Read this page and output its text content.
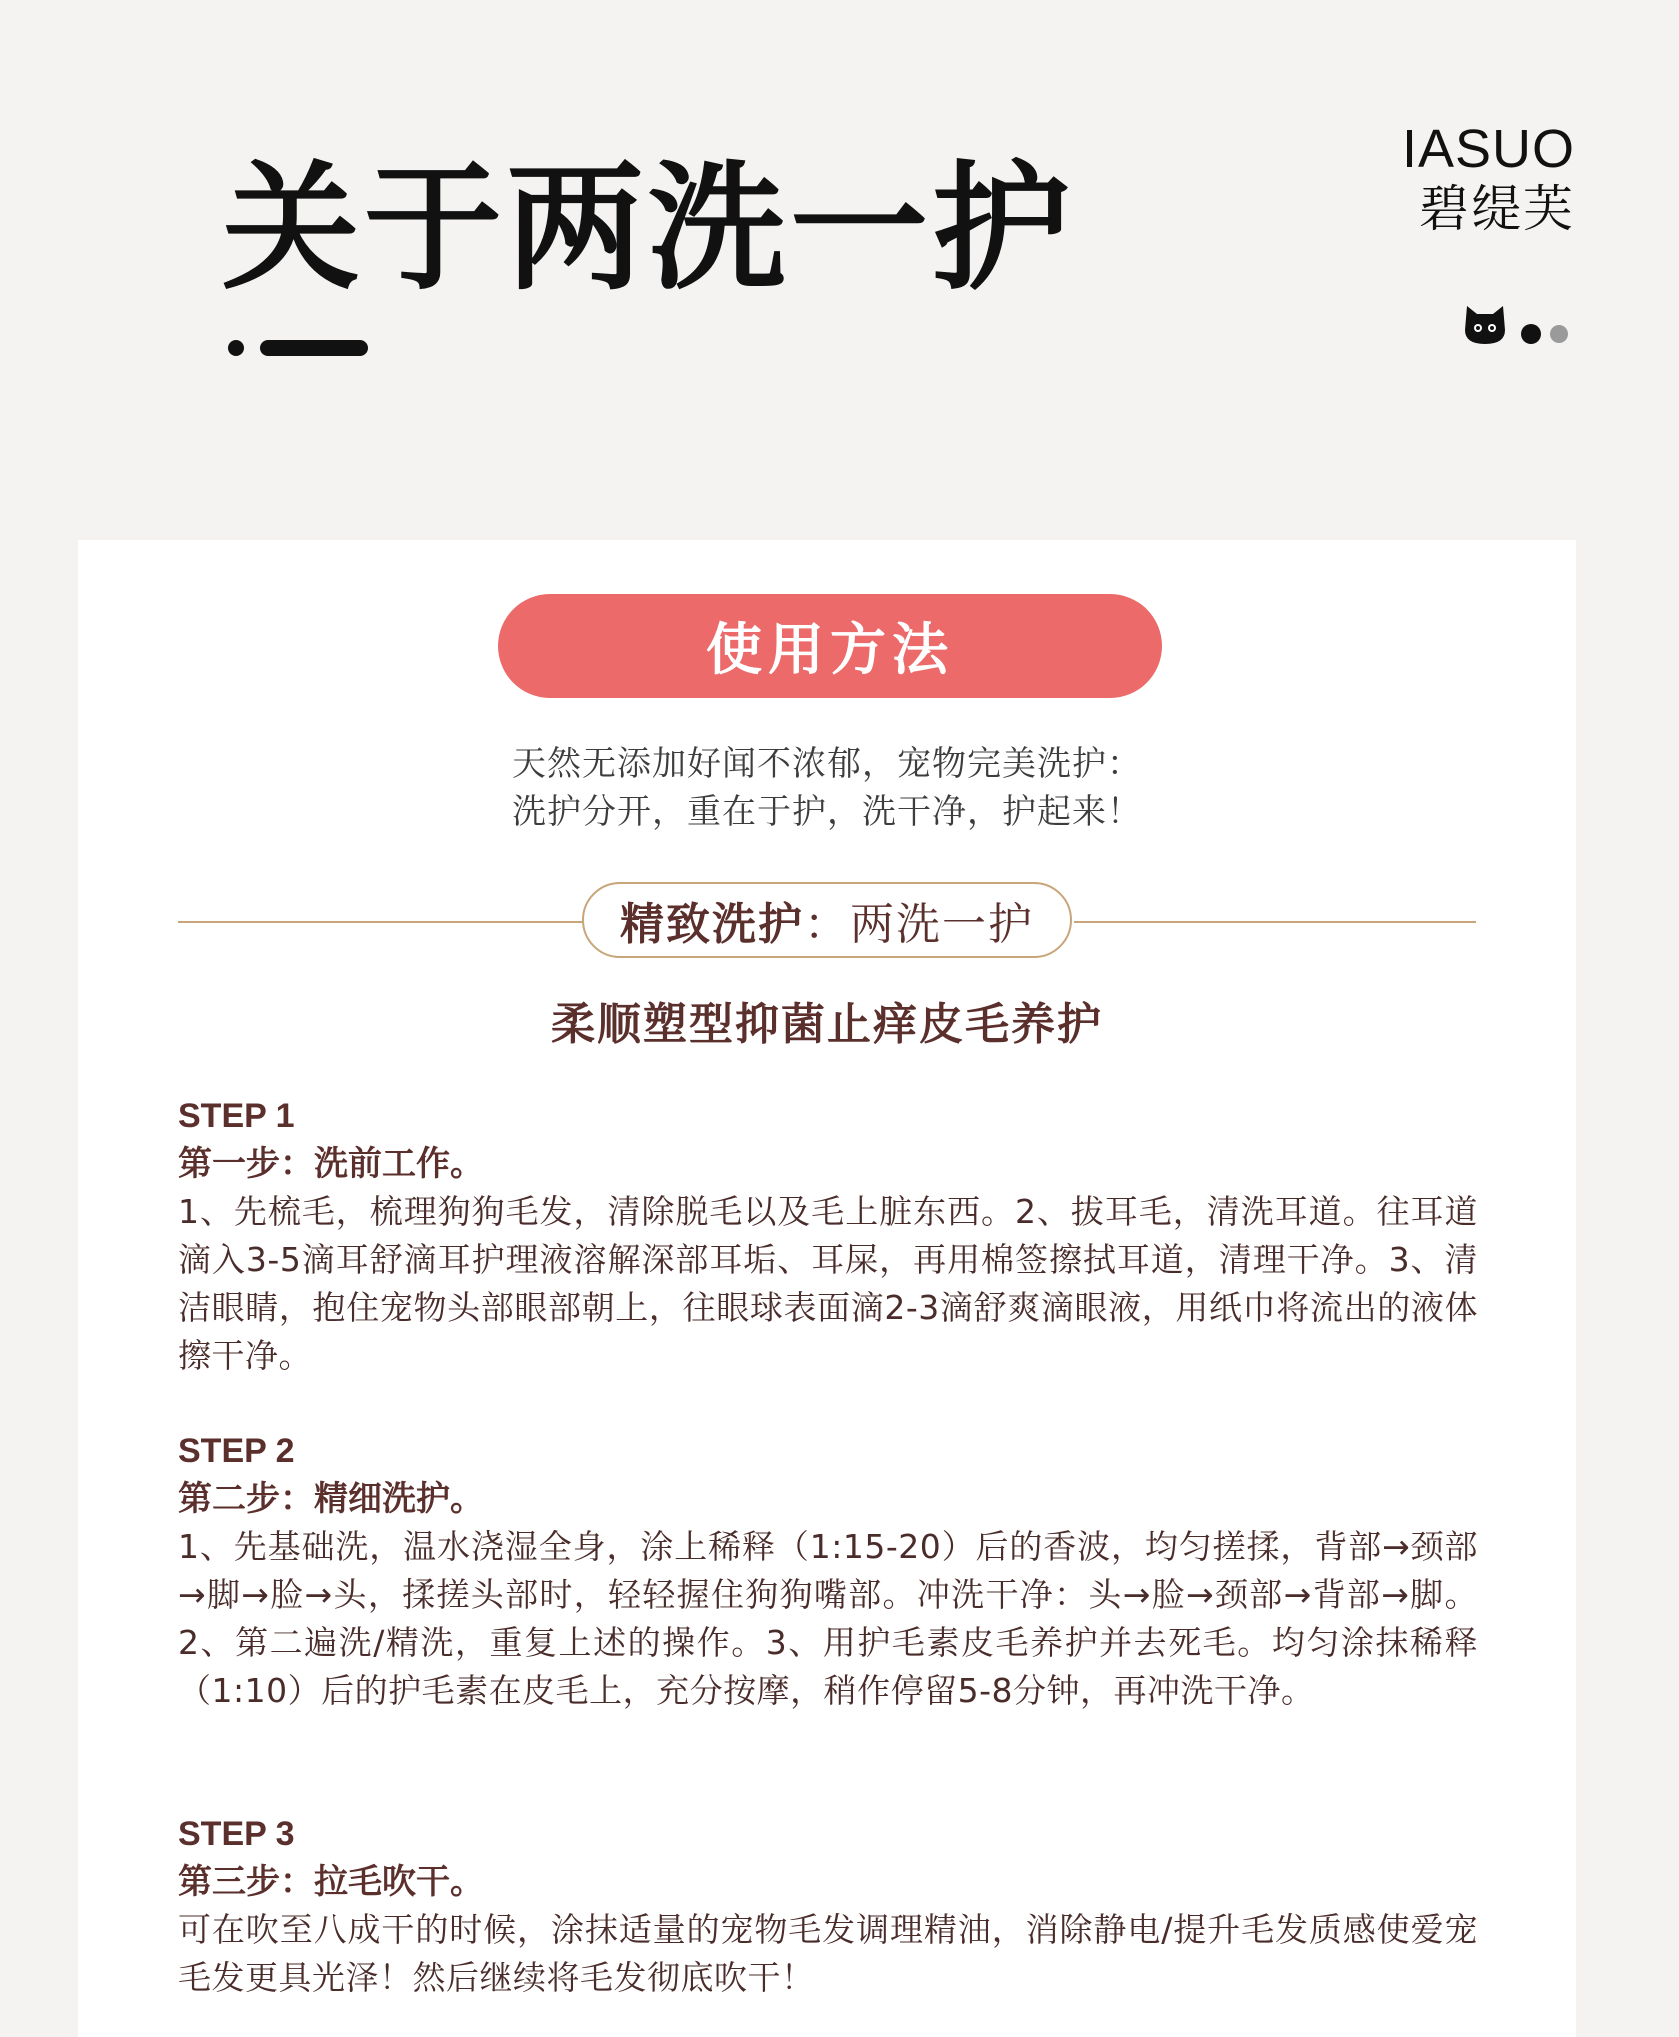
关于两洗一护	IASUO
碧缇芙
使用方法
天然无添加好闻不浓郁，宠物完美洗护：
洗护分开，重在于护，洗干净，护起来！
精致洗护 ：两洗一护
柔顺塑型抑菌止痒皮毛养护
STEP 1
第一步：洗前工作。
1、先梳毛，梳理狗狗毛发，清除脱毛以及毛上脏东西。2、拔耳毛，清洗耳道。往耳道滴入3-5滴耳舒滴耳护理液溶解深部耳垢、耳屎，再用棉签擦拭耳道，清理干净。3、清洁眼睛，抱住宠物头部眼部朝上，往眼球表面滴2-3滴舒爽滴眼液，用纸巾将流出的液体擦干净。
STEP 2
第二步：精细洗护。
1、先基础洗，温水浇湿全身，涂上稀释（1:15-20）后的香波，均匀搓揉，背部→颈部→脚→脸→头，揉搓头部时，轻轻握住狗狗嘴部。冲洗干净：头→脸→颈部→背部→脚。2、第二遍洗/精洗，重复上述的操作。3、用护毛素皮毛养护并去死毛。均匀涂抹稀释（1:10）后的护毛素在皮毛上，充分按摩，稍作停留5-8分钟，再冲洗干净。
STEP 3
第三步：拉毛吹干。
可在吹至八成干的时候，涂抹适量的宠物毛发调理精油，消除静电/提升毛发质感使爱宠毛发更具光泽！然后继续将毛发彻底吹干！
